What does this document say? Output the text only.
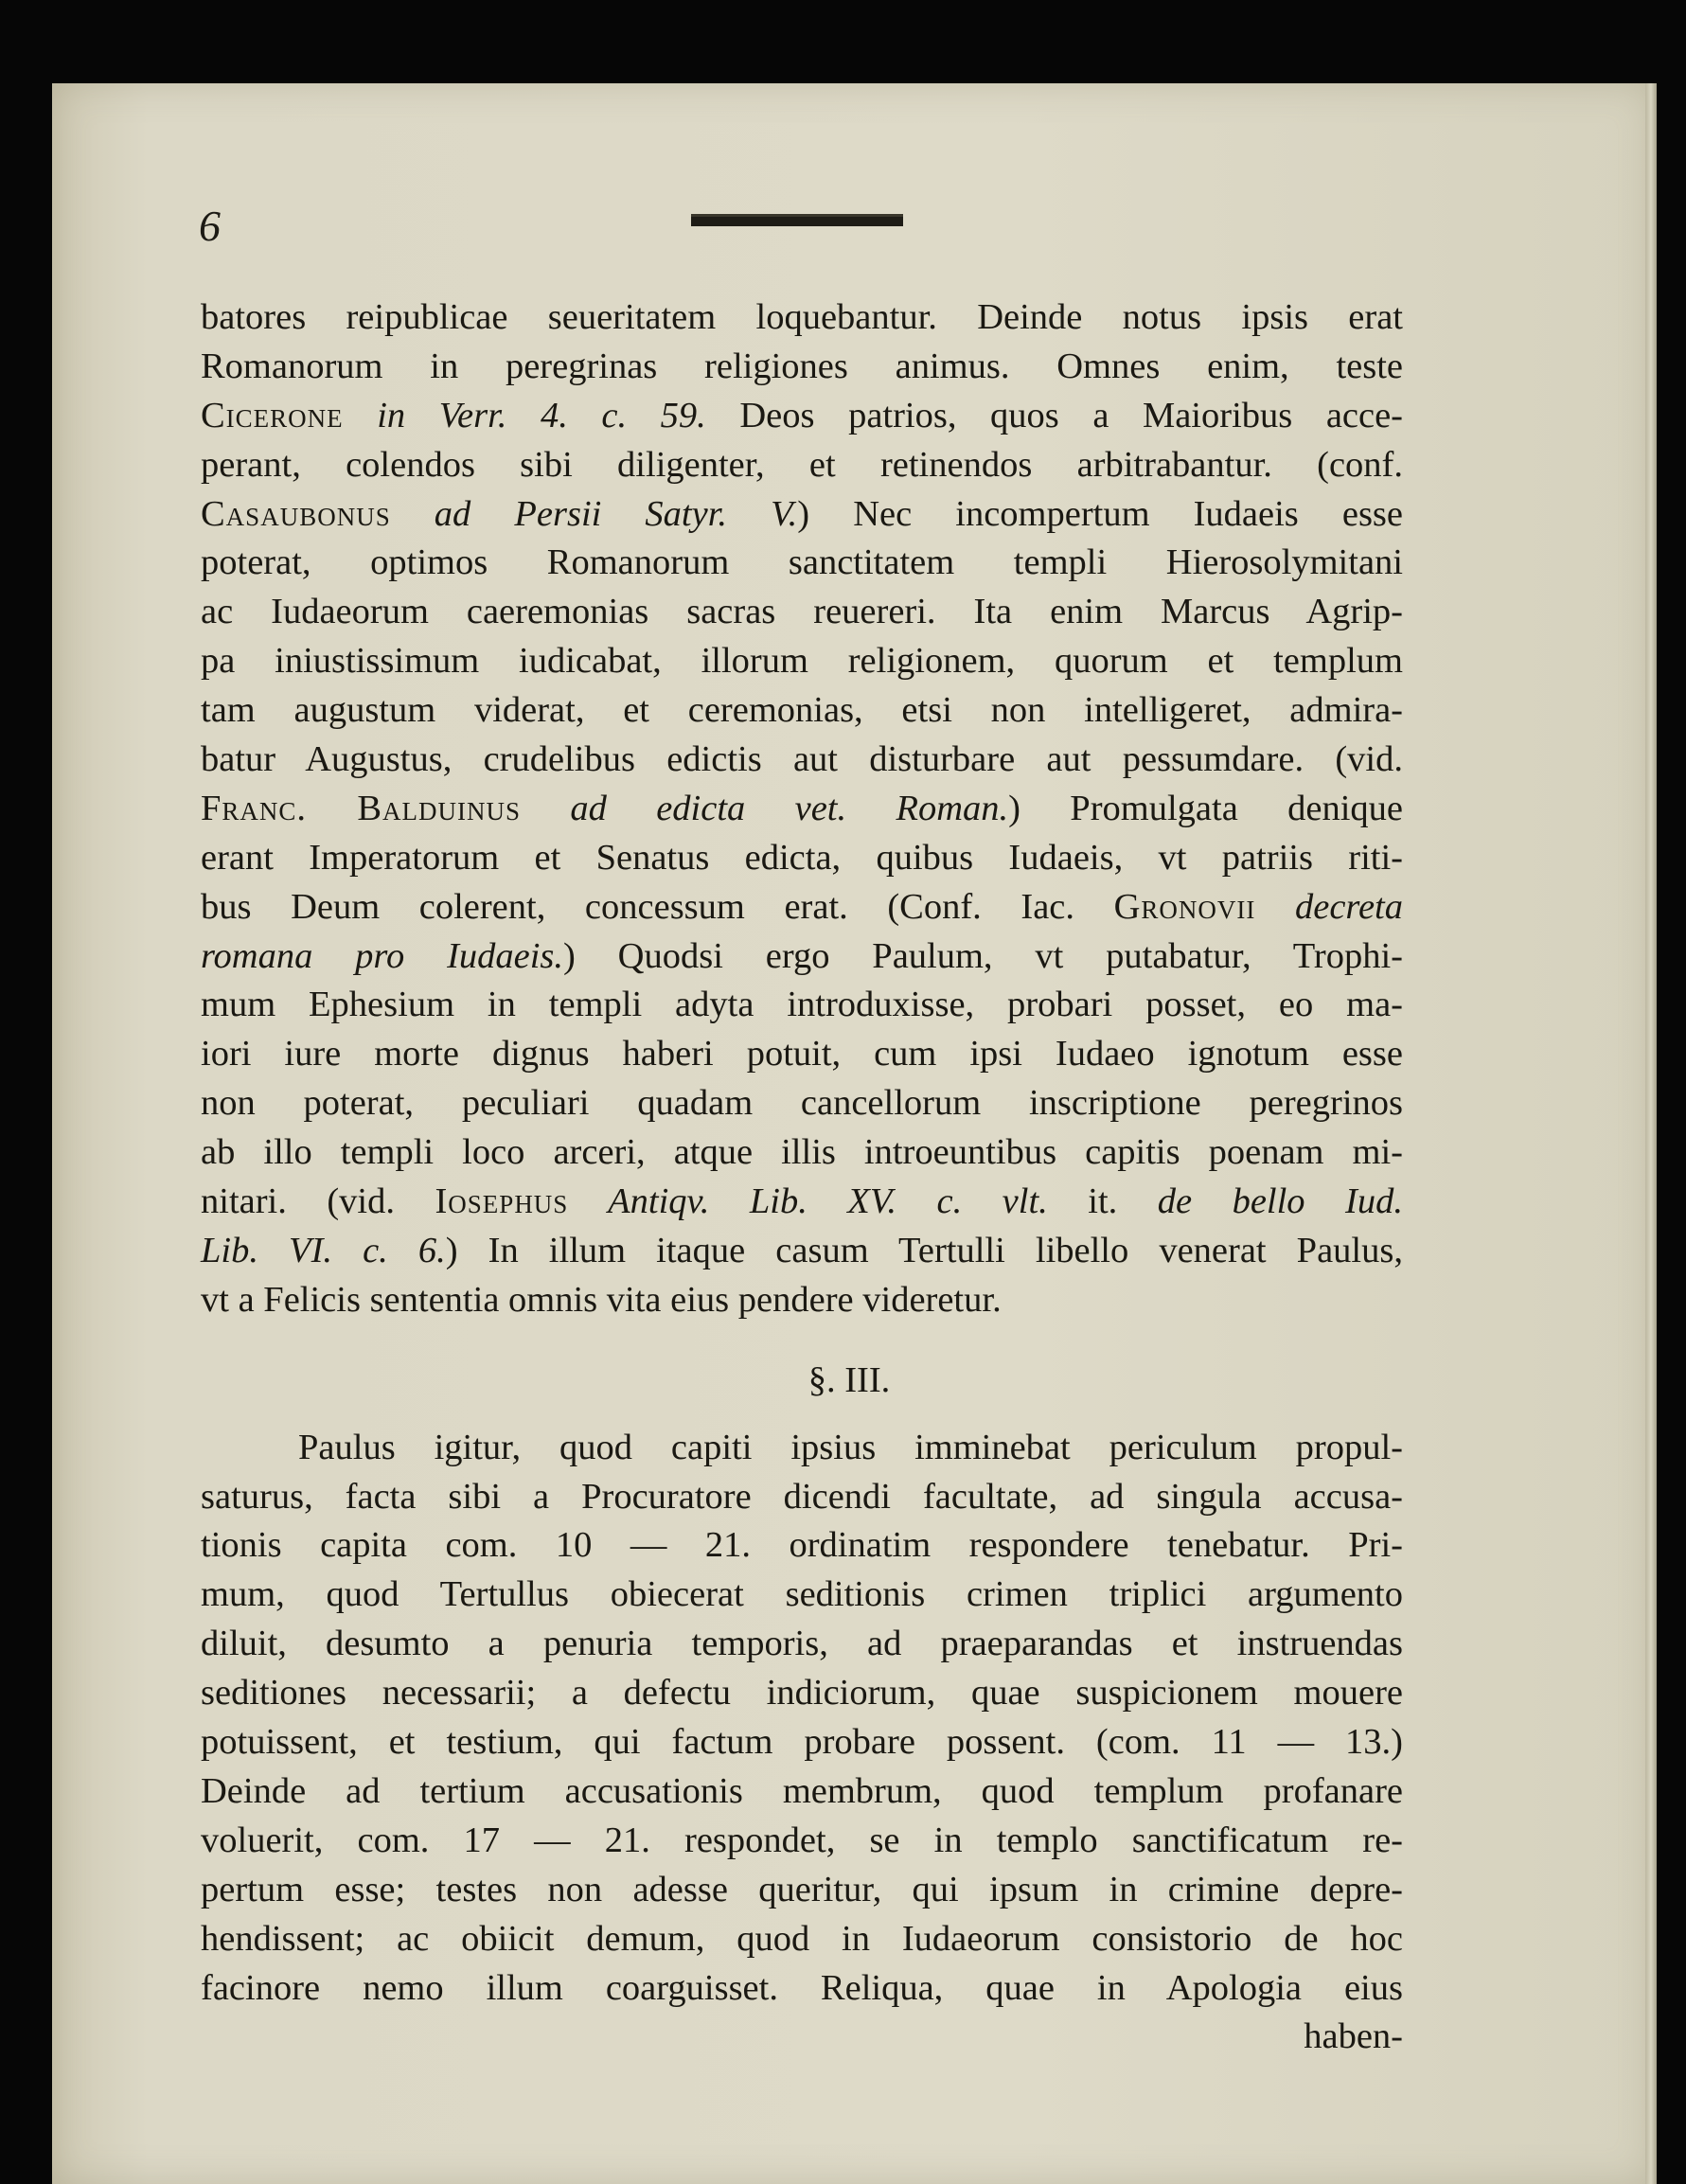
6
batores reipublicae seueritatem loquebantur. Deinde notus ipsis erat
Romanorum in peregrinas religiones animus. Omnes enim, teste
Cicerone in Verr. 4. c. 59. Deos patrios, quos a Maioribus acce-
perant, colendos sibi diligenter, et retinendos arbitrabantur. (conf.
Casaubonus ad Persii Satyr. V.) Nec incompertum Iudaeis esse
poterat, optimos Romanorum sanctitatem templi Hierosolymitani
ac Iudaeorum caeremonias sacras reuereri. Ita enim Marcus Agrip-
pa iniustissimum iudicabat, illorum religionem, quorum et templum
tam augustum viderat, et ceremonias, etsi non intelligeret, admira-
batur Augustus, crudelibus edictis aut disturbare aut pessumdare. (vid.
Franc. Balduinus ad edicta vet. Roman.) Promulgata denique
erant Imperatorum et Senatus edicta, quibus Iudaeis, vt patriis riti-
bus Deum colerent, concessum erat. (Conf. Iac. Gronovii decreta
romana pro Iudaeis.) Quodsi ergo Paulum, vt putabatur, Trophi-
mum Ephesium in templi adyta introduxisse, probari posset, eo ma-
iori iure morte dignus haberi potuit, cum ipsi Iudaeo ignotum esse
non poterat, peculiari quadam cancellorum inscriptione peregrinos
ab illo templi loco arceri, atque illis introeuntibus capitis poenam mi-
nitari. (vid. Iosephus Antiqv. Lib. XV. c. vlt. it. de bello Iud.
Lib. VI. c. 6.) In illum itaque casum Tertulli libello venerat Paulus,
vt a Felicis sententia omnis vita eius pendere videretur.
§. III.
Paulus igitur, quod capiti ipsius imminebat periculum propul-
saturus, facta sibi a Procuratore dicendi facultate, ad singula accusa-
tionis capita com. 10 — 21. ordinatim respondere tenebatur. Pri-
mum, quod Tertullus obiecerat seditionis crimen triplici argumento
diluit, desumto a penuria temporis, ad praeparandas et instruendas
seditiones necessarii; a defectu indiciorum, quae suspicionem mouere
potuissent, et testium, qui factum probare possent. (com. 11 — 13.)
Deinde ad tertium accusationis membrum, quod templum profanare
voluerit, com. 17 — 21. respondet, se in templo sanctificatum re-
pertum esse; testes non adesse queritur, qui ipsum in crimine depre-
hendissent; ac obiicit demum, quod in Iudaeorum consistorio de hoc
facinore nemo illum coarguisset. Reliqua, quae in Apologia eius
haben-
